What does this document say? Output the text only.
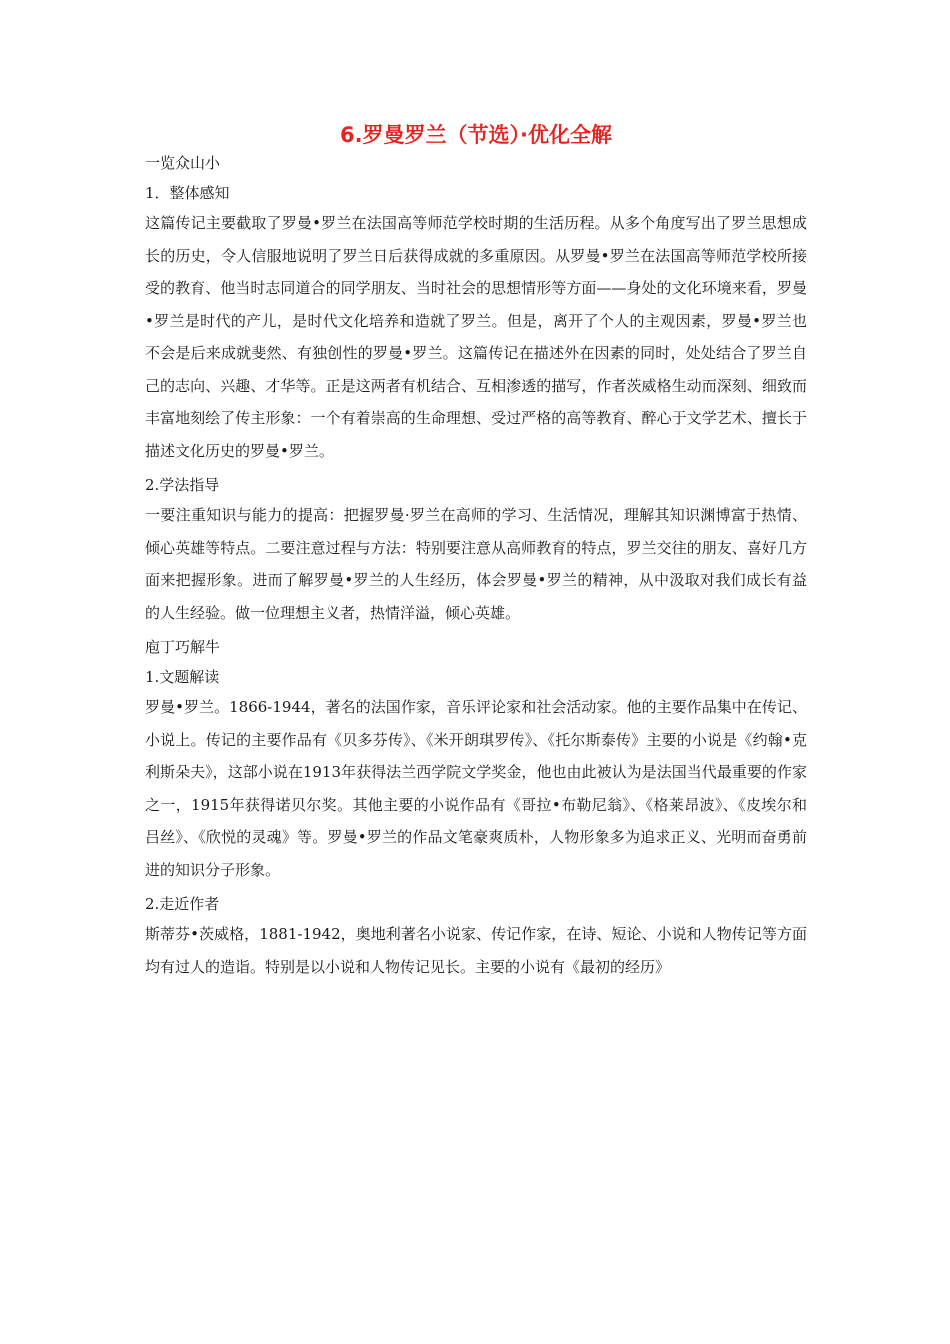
6.罗曼罗兰（节选）·优化全解
一览众山小
1．整体感知

这篇传记主要截取了罗曼•罗兰在法国高等师范学校时期的生活历程。从多个角度写出了罗兰思想成长的历史，令人信服地说明了罗兰日后获得成就的多重原因。从罗曼•罗兰在法国高等师范学校所接受的教育、他当时志同道合的同学朋友、当时社会的思想情形等方面——身处的文化环境来看，罗曼•罗兰是时代的产儿，是时代文化培养和造就了罗兰。但是，离开了个人的主观因素，罗曼•罗兰也不会是后来成就斐然、有独创性的罗曼•罗兰。这篇传记在描述外在因素的同时，处处结合了罗兰自己的志向、兴趣、才华等。正是这两者有机结合、互相渗透的描写，作者茨威格生动而深刻、细致而丰富地刻绘了传主形象：一个有着崇高的生命理想、受过严格的高等教育、醉心于文学艺术、擅长于描述文化历史的罗曼•罗兰。

2.学法指导

一要注重知识与能力的提高：把握罗曼·罗兰在高师的学习、生活情况，理解其知识渊博富于热情、倾心英雄等特点。二要注意过程与方法：特别要注意从高师教育的特点，罗兰交往的朋友、喜好几方面来把握形象。进而了解罗曼•罗兰的人生经历，体会罗曼•罗兰的精神，从中汲取对我们成长有益的人生经验。做一位理想主义者，热情洋溢，倾心英雄。

庖丁巧解牛
1.文题解读

罗曼•罗兰。1866-1944，著名的法国作家，音乐评论家和社会活动家。他的主要作品集中在传记、小说上。传记的主要作品有《贝多芬传》、《米开朗琪罗传》、《托尔斯泰传》主要的小说是《约翰•克利斯朵夫》，这部小说在1913年获得法兰西学院文学奖金，他也由此被认为是法国当代最重要的作家之一，1915年获得诺贝尔奖。其他主要的小说作品有《哥拉•布勒尼翁》、《格莱昂波》、《皮埃尔和吕丝》、《欣悦的灵魂》等。罗曼•罗兰的作品文笔豪爽质朴，人物形象多为追求正义、光明而奋勇前进的知识分子形象。

2.走近作者

斯蒂芬•茨威格，1881-1942，奥地利著名小说家、传记作家，在诗、短论、小说和人物传记等方面均有过人的造诣。特别是以小说和人物传记见长。主要的小说有《最初的经历》
